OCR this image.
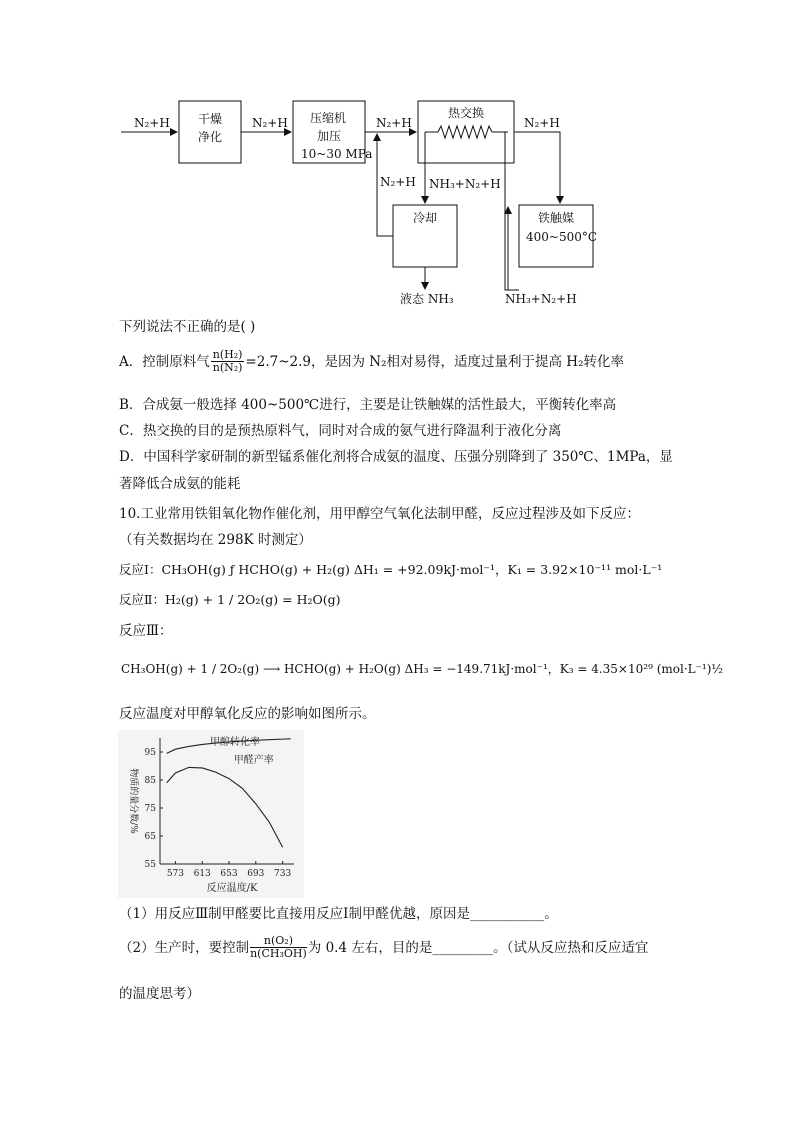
N₂+H	N₂+H	N₂+H	N₂+H
N₂+H NH₃+N₂+H
液态 NH₃	NH₃+N₂+H
干燥
净化
压缩机
加压
10~30 MPa
热交换
冷却	铁触媒
400~500°C
下列说法不正确的是( )
A．控制原料气 $\frac{\text{n(H₂)}}{\text{n(N₂)}}$ =2.7~2.9，是因为 N₂相对易得，适度过量利于提高 H₂转化率
B．合成氨一般选择 400~500℃进行，主要是让铁触媒的活性最大，平衡转化率高
C．热交换的目的是预热原料气，同时对合成的氨气进行降温利于液化分离
D．中国科学家研制的新型锰系催化剂将合成氨的温度、压强分别降到了 350℃、1MPa，显
著降低合成氨的能耗
10.工业常用铁钼氧化物作催化剂，用甲醇空气氧化法制甲醛，反应过程涉及如下反应：
（有关数据均在 298K 时测定）
反应Ⅰ：CH₃OH(g) ƒ HCHO(g) + H₂(g) ΔH₁ = +92.09kJ·mol⁻¹，K₁ = 3.92×10⁻¹¹ mol·L⁻¹
反应Ⅱ：H₂(g) + 1 / 2O₂(g) = H₂O(g)
反应Ⅲ：
CH₃OH(g) + 1 / 2O₂(g) ⟶ HCHO(g) + H₂O(g) ΔH₃ = −149.71kJ·mol⁻¹，K₃ = 4.35×10²⁹ (mol·L⁻¹)½
反应温度对甲醇氧化反应的影响如图所示。
55
65
75
85
95
573 613 653 693 733
反应温度/K
物质的量分数/%
甲醇转化率
甲醛产率
（1）用反应Ⅲ制甲醛要比直接用反应Ⅰ制甲醛优越，原因是___________。
（2）生产时，要控制 $\frac{\text{n(O₂)}}{\text{n(CH₃OH)}}$ 为 0.4 左右，目的是_________。（试从反应热和反应适宜
的温度思考）
